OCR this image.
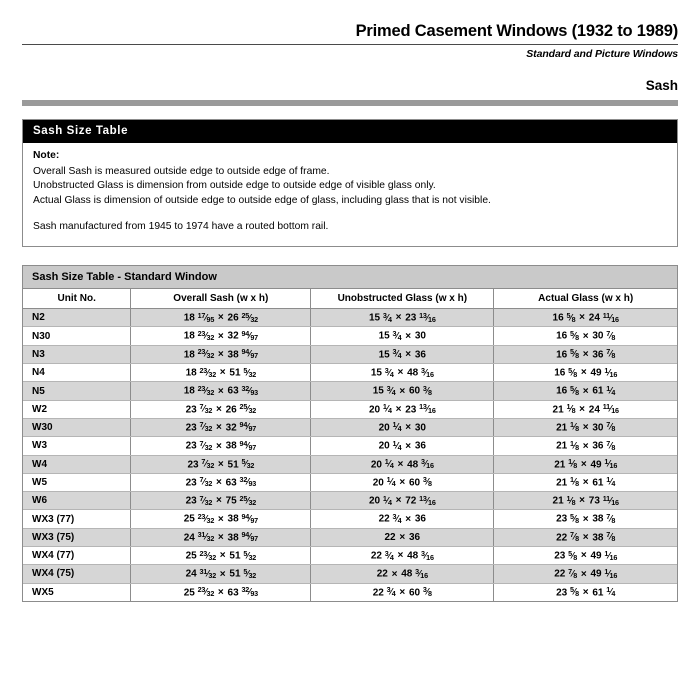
Primed Casement Windows (1932 to 1989)
Standard and Picture Windows
Sash
Sash Size Table
Note:
Overall Sash is measured outside edge to outside edge of frame.
Unobstructed Glass is dimension from outside edge to outside edge of visible glass only.
Actual Glass is dimension of outside edge to outside edge of glass, including glass that is not visible.
Sash manufactured from 1945 to 1974 have a routed bottom rail.
Sash Size Table - Standard Window
Unit No.	Overall Sash (w x h)	Unobstructed Glass (w x h)	Actual Glass (w x h)
N2	18 17⁄95 × 26 25⁄32	15 3⁄4 × 23 13⁄16	16 5⁄8 × 24 11⁄16
N30	18 23⁄32 × 32 94⁄97	15 3⁄4 × 30	16 5⁄8 × 30 7⁄8
N3	18 23⁄32 × 38 94⁄97	15 3⁄4 × 36	16 5⁄8 × 36 7⁄8
N4	18 23⁄32 × 51 5⁄32	15 3⁄4 × 48 3⁄16	16 5⁄8 × 49 1⁄16
N5	18 23⁄32 × 63 32⁄93	15 3⁄4 × 60 3⁄8	16 5⁄8 × 61 1⁄4
W2	23 7⁄32 × 26 25⁄32	20 1⁄4 × 23 13⁄16	21 1⁄8 × 24 11⁄16
W30	23 7⁄32 × 32 94⁄97	20 1⁄4 × 30	21 1⁄8 × 30 7⁄8
W3	23 7⁄32 × 38 94⁄97	20 1⁄4 × 36	21 1⁄8 × 36 7⁄8
W4	23 7⁄32 × 51 5⁄32	20 1⁄4 × 48 3⁄16	21 1⁄8 × 49 1⁄16
W5	23 7⁄32 × 63 32⁄93	20 1⁄4 × 60 3⁄8	21 1⁄8 × 61 1⁄4
W6	23 7⁄32 × 75 25⁄32	20 1⁄4 × 72 13⁄16	21 1⁄8 × 73 11⁄16
WX3 (77)	25 23⁄32 × 38 94⁄97	22 3⁄4 × 36	23 5⁄8 × 38 7⁄8
WX3 (75)	24 31⁄32 × 38 94⁄97	22 × 36	22 7⁄8 × 38 7⁄8
WX4 (77)	25 23⁄32 × 51 5⁄32	22 3⁄4 × 48 3⁄16	23 5⁄8 × 49 1⁄16
WX4 (75)	24 31⁄32 × 51 5⁄32	22 × 48 3⁄16	22 7⁄8 × 49 1⁄16
WX5	25 23⁄32 × 63 32⁄93	22 3⁄4 × 60 3⁄8	23 5⁄8 × 61 1⁄4
